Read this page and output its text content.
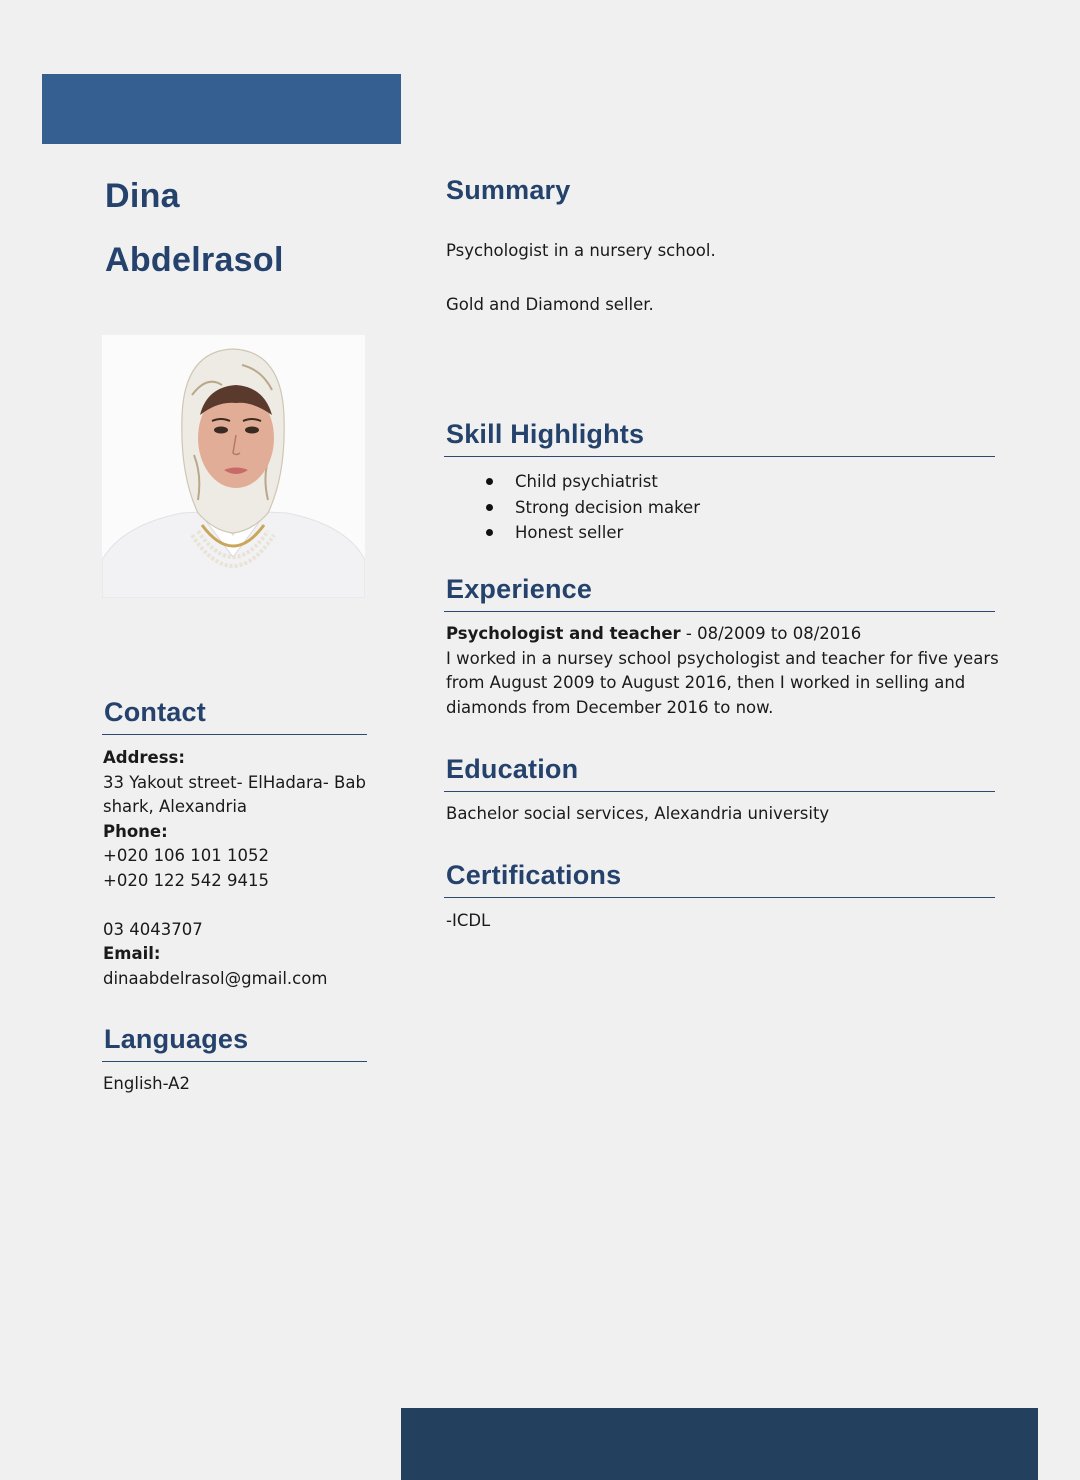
Dina
Abdelrasol
Contact
Address:
33 Yakout street- ElHadara- Bab
shark, Alexandria
Phone:
+020 106 101 1052
+020 122 542 9415
03 4043707
Email:
dinaabdelrasol@gmail.com
Languages
English-A2
Summary
Psychologist in a nursery school.
Gold and Diamond seller.
Skill Highlights
Child psychiatrist
Strong decision maker
Honest seller
Experience
Psychologist and teacher - 08/2009 to 08/2016
I worked in a nursey school psychologist and teacher for five years
from August 2009 to August 2016, then I worked in selling and
diamonds from December 2016 to now.
Education
Bachelor social services, Alexandria university
Certifications
-ICDL
